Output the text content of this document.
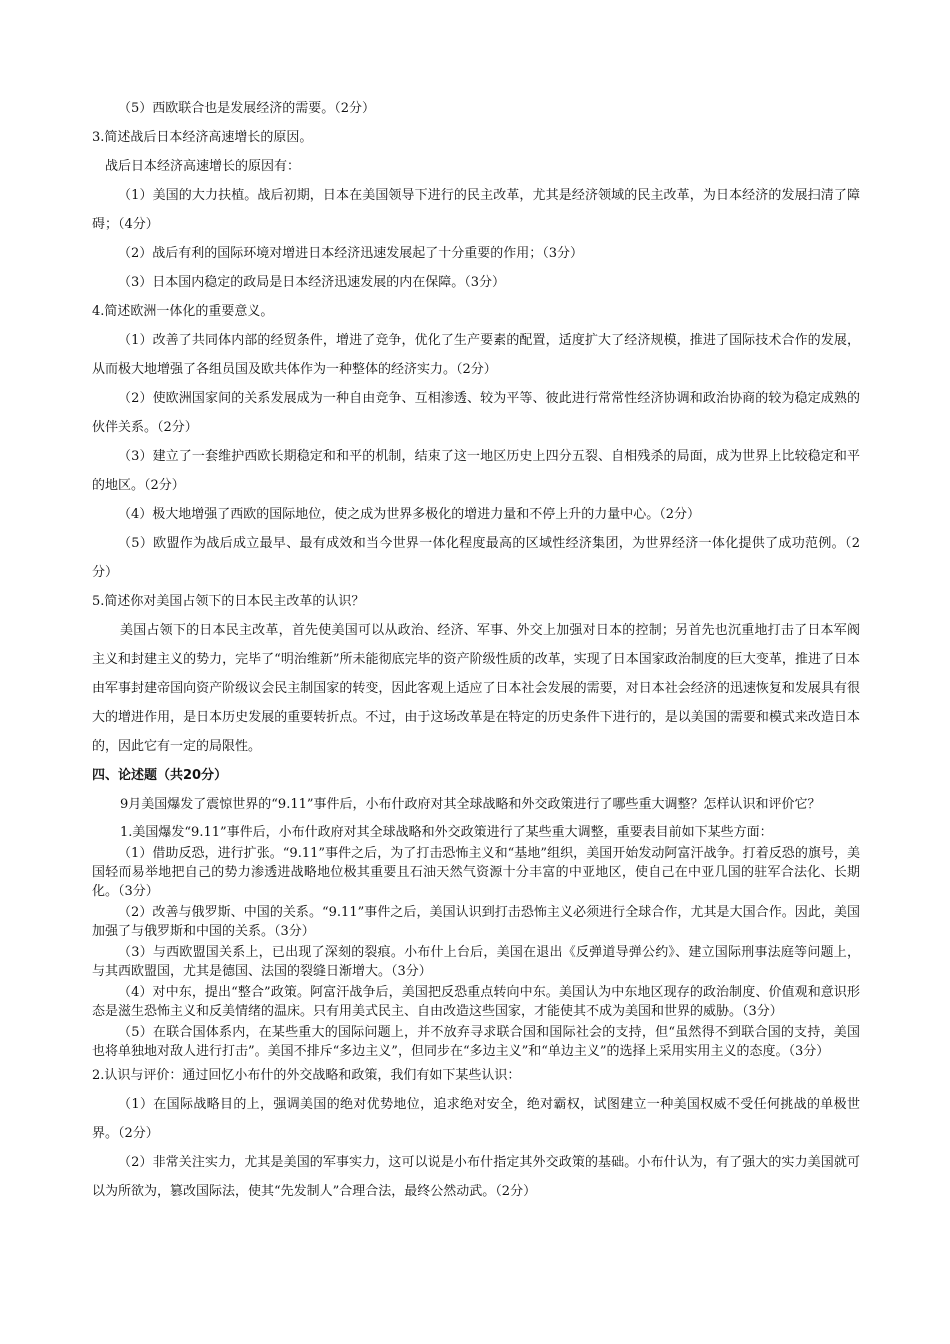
（5）西欧联合也是发展经济的需要。（2分）
3.简述战后日本经济高速增长的原因。
战后日本经济高速增长的原因有：
（1）美国的大力扶植。战后初期，日本在美国领导下进行的民主改革，尤其是经济领域的民主改革，为日本经济的发展扫清了障碍；（4分）
（2）战后有利的国际环境对增进日本经济迅速发展起了十分重要的作用；（3分）
（3）日本国内稳定的政局是日本经济迅速发展的内在保障。（3分）
4.简述欧洲一体化的重要意义。
（1）改善了共同体内部的经贸条件，增进了竞争，优化了生产要素的配置，适度扩大了经济规模，推进了国际技术合作的发展，从而极大地增强了各组员国及欧共体作为一种整体的经济实力。（2分）
（2）使欧洲国家间的关系发展成为一种自由竞争、互相渗透、较为平等、彼此进行常常性经济协调和政治协商的较为稳定成熟的伙伴关系。（2分）
（3）建立了一套维护西欧长期稳定和和平的机制，结束了这一地区历史上四分五裂、自相残杀的局面，成为世界上比较稳定和平的地区。（2分）
（4）极大地增强了西欧的国际地位，使之成为世界多极化的增进力量和不停上升的力量中心。（2分）
（5）欧盟作为战后成立最早、最有成效和当今世界一体化程度最高的区域性经济集团，为世界经济一体化提供了成功范例。（2分）
5.简述你对美国占领下的日本民主改革的认识？
美国占领下的日本民主改革，首先使美国可以从政治、经济、军事、外交上加强对日本的控制；另首先也沉重地打击了日本军阀主义和封建主义的势力，完毕了“明治维新”所未能彻底完毕的资产阶级性质的改革，实现了日本国家政治制度的巨大变革，推进了日本由军事封建帝国向资产阶级议会民主制国家的转变，因此客观上适应了日本社会发展的需要，对日本社会经济的迅速恢复和发展具有很大的增进作用，是日本历史发展的重要转折点。不过，由于这场改革是在特定的历史条件下进行的，是以美国的需要和模式来改造日本的，因此它有一定的局限性。
四、论述题（共20分）
9月美国爆发了震惊世界的“9.11”事件后，小布什政府对其全球战略和外交政策进行了哪些重大调整？怎样认识和评价它？
1.美国爆发“9.11”事件后，小布什政府对其全球战略和外交政策进行了某些重大调整，重要表目前如下某些方面：
（1）借助反恐，进行扩张。“9.11”事件之后，为了打击恐怖主义和“基地”组织，美国开始发动阿富汗战争。打着反恐的旗号，美国轻而易举地把自己的势力渗透进战略地位极其重要且石油天然气资源十分丰富的中亚地区，使自己在中亚几国的驻军合法化、长期化。（3分）
（2）改善与俄罗斯、中国的关系。“9.11”事件之后，美国认识到打击恐怖主义必须进行全球合作，尤其是大国合作。因此，美国加强了与俄罗斯和中国的关系。（3分）
（3）与西欧盟国关系上，已出现了深刻的裂痕。小布什上台后，美国在退出《反弹道导弹公约》、建立国际刑事法庭等问题上，与其西欧盟国，尤其是德国、法国的裂缝日渐增大。（3分）
（4）对中东，提出“整合”政策。阿富汗战争后，美国把反恐重点转向中东。美国认为中东地区现存的政治制度、价值观和意识形态是滋生恐怖主义和反美情绪的温床。只有用美式民主、自由改造这些国家，才能使其不成为美国和世界的威胁。（3分）
（5）在联合国体系内，在某些重大的国际问题上，并不放弃寻求联合国和国际社会的支持，但“虽然得不到联合国的支持，美国也将单独地对敌人进行打击”。美国不排斥“多边主义”，但同步在“多边主义”和“单边主义”的选择上采用实用主义的态度。（3分）
2.认识与评价：通过回忆小布什的外交战略和政策，我们有如下某些认识：
（1）在国际战略目的上，强调美国的绝对优势地位，追求绝对安全，绝对霸权，试图建立一种美国权威不受任何挑战的单极世界。（2分）
（2）非常关注实力，尤其是美国的军事实力，这可以说是小布什指定其外交政策的基础。小布什认为，有了强大的实力美国就可以为所欲为，篡改国际法，使其“先发制人”合理合法，最终公然动武。（2分）
